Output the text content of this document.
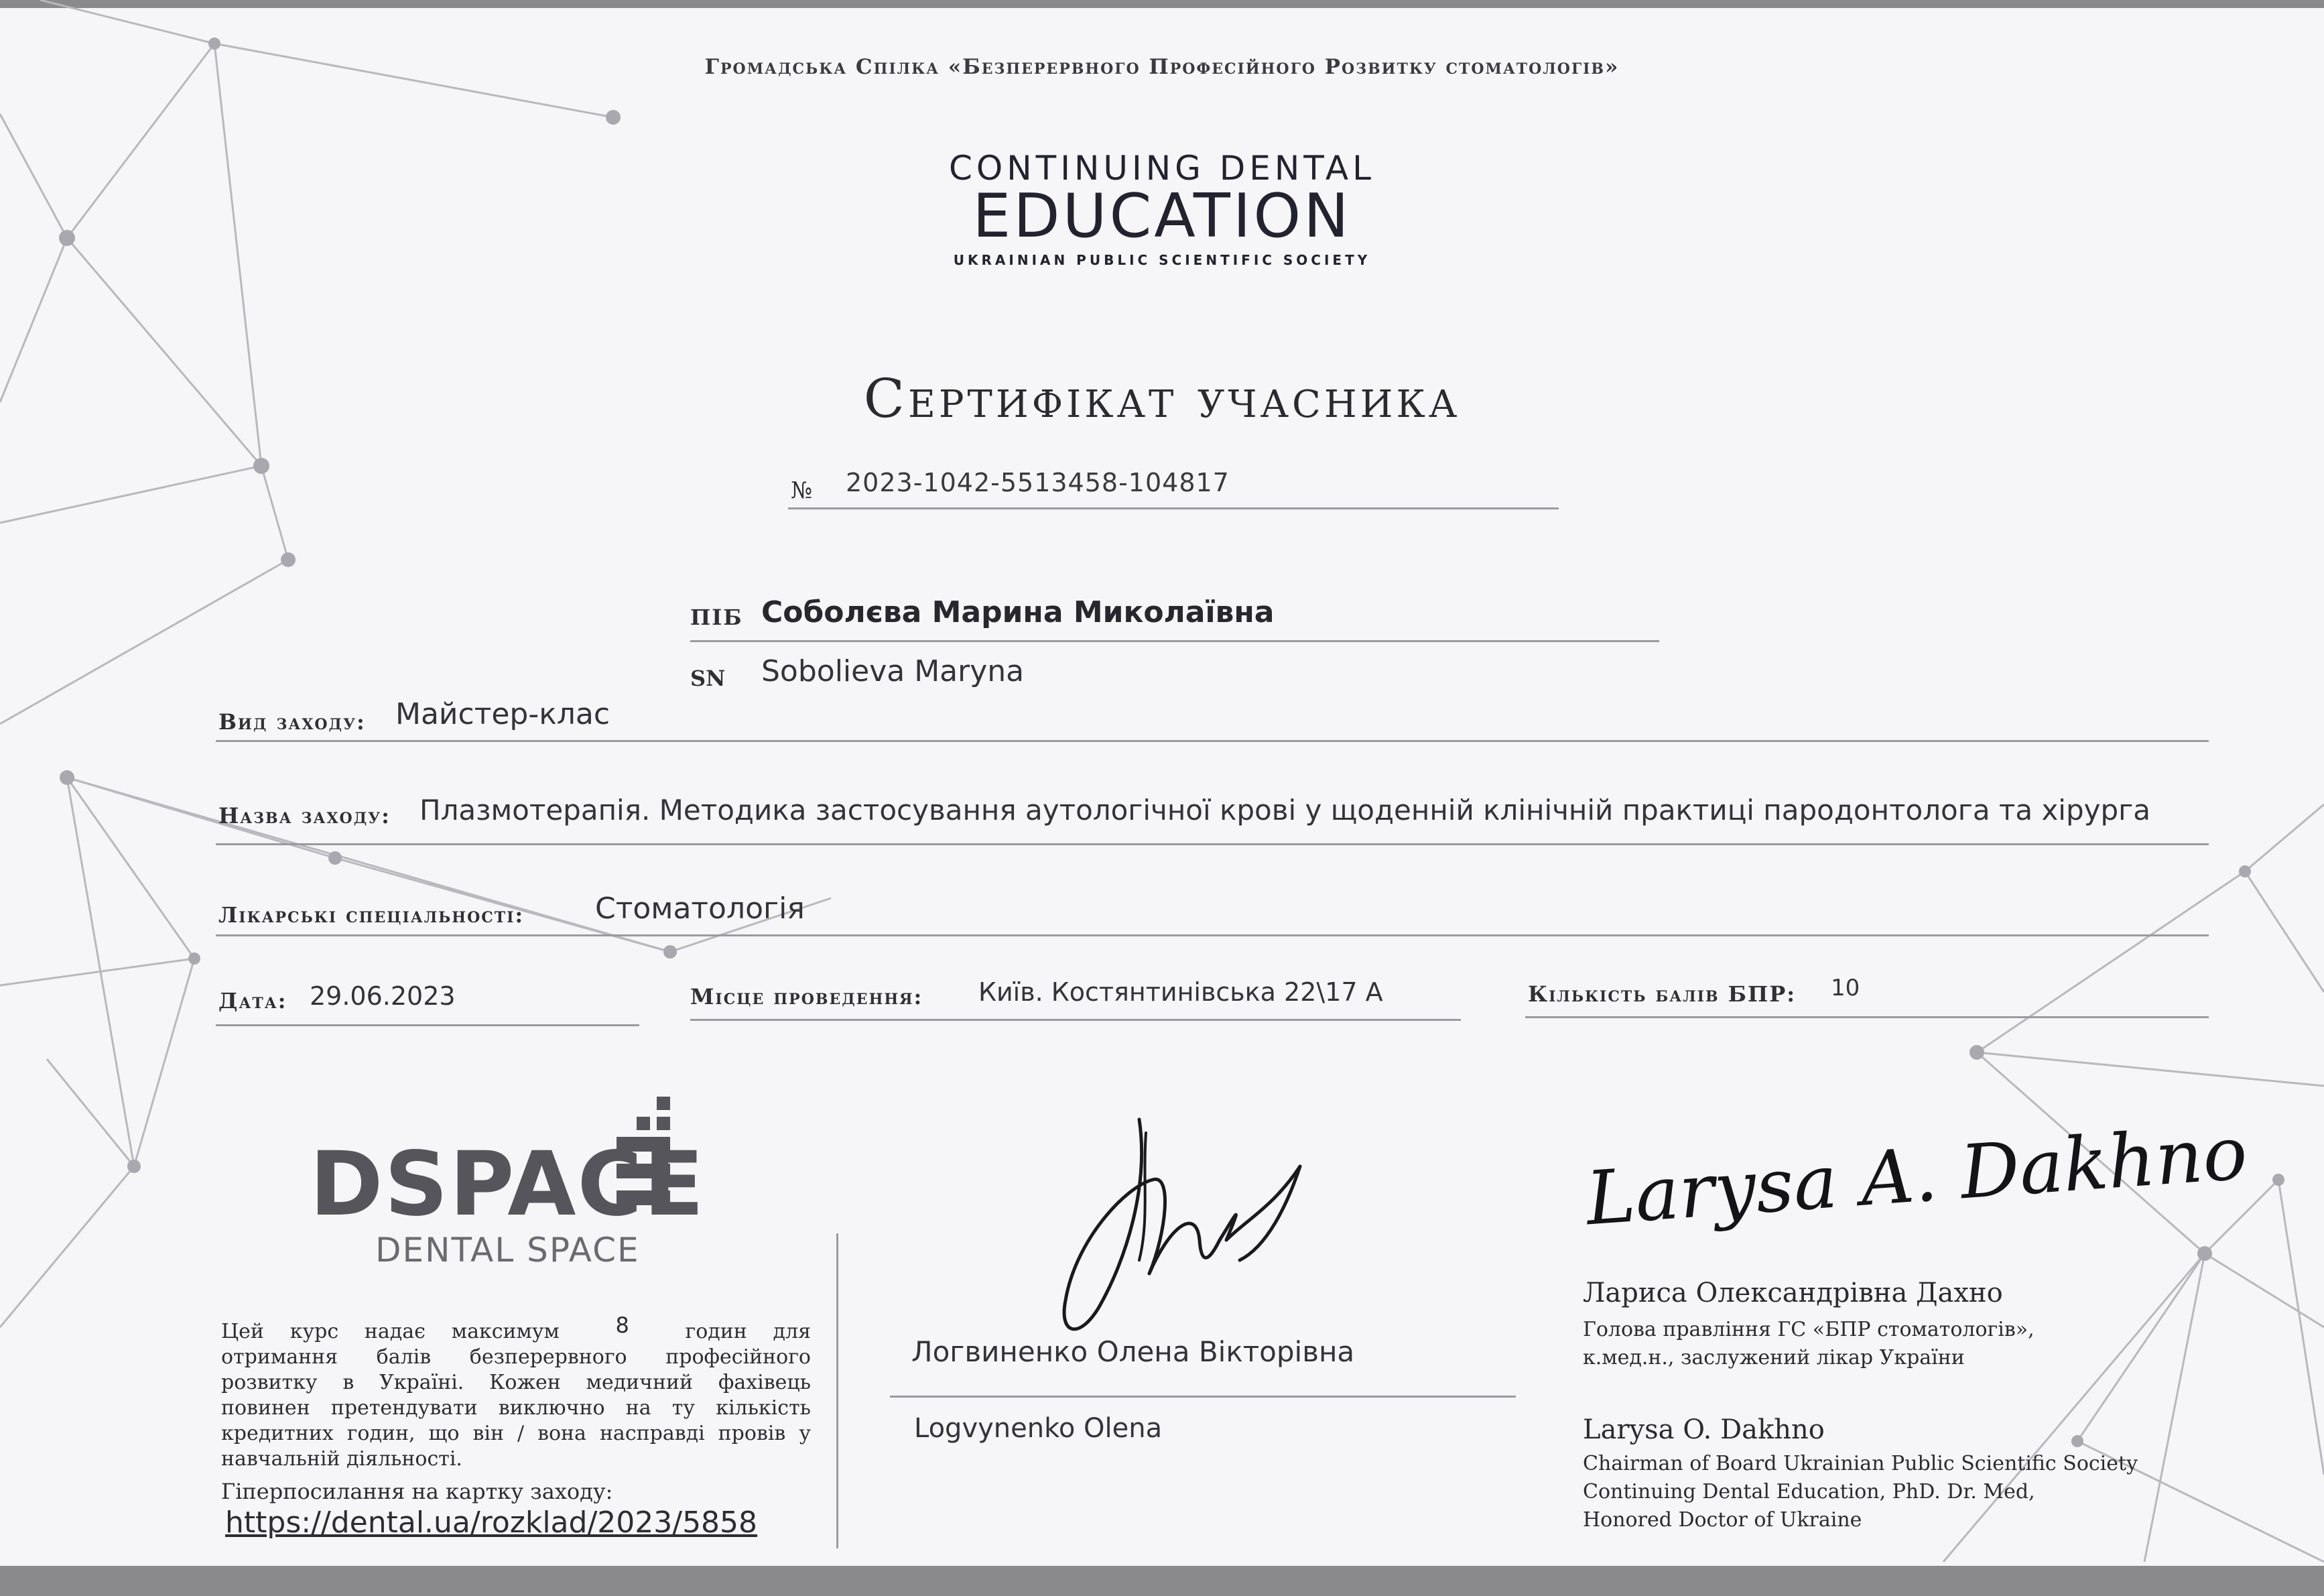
Громадська Спілка «Безперервного Професійного Розвитку стоматологів»
CONTINUING DENTAL
EDUCATION
UKRAINIAN PUBLIC SCIENTIFIC SOCIETY
Сертифікат учасника
№ 2023-1042-5513458-104817
ПІБ Соболєва Марина Миколаївна
SN Sobolieva Maryna
Вид заходу: Майстер-клас
Назва заходу: Плазмотерапія. Методика застосування аутологічної крові у щоденній клінічній практиці пародонтолога та хірурга
Лікарські спеціальності: Стоматологія
Дата: 29.06.2023	Місце проведення: Київ. Костянтинівська 22\17 А	Кількість балів БПР: 10
DSPACE
DENTAL SPACE
Цей курс надає максимум	8	годин для отримання балів безперервного професійного розвитку в Україні. Кожен медичний фахівець повинен претендувати виключно на ту кількість кредитних годин, що він / вона насправді провів у навчальній діяльності.
Гіперпосилання на картку заходу:
https://dental.ua/rozklad/2023/5858
Логвиненко Олена Вікторівна
Logvynenko Olena
Larysa A. Dakhno
Лариса Олександрівна Дахно
Голова правління ГС «БПР стоматологів»,
к.мед.н., заслужений лікар України
Larysa O. Dakhno
Chairman of Board Ukrainian Public Scientific Society
Continuing Dental Education, PhD. Dr. Med,
Honored Doctor of Ukraine
